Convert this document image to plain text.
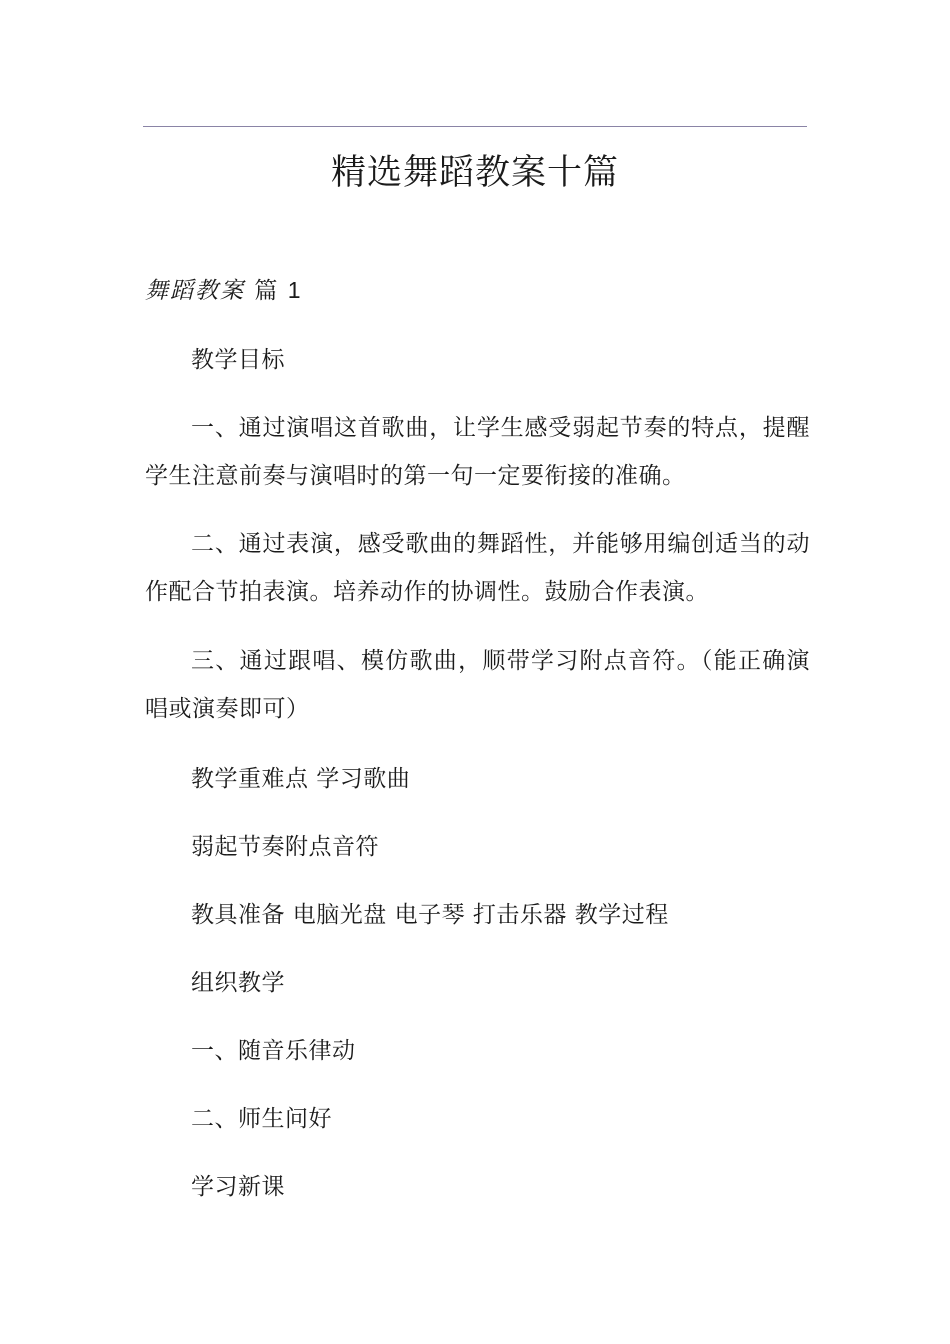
精选舞蹈教案十篇
舞蹈教案 篇 1

教学目标

一、通过演唱这首歌曲，让学生感受弱起节奏的特点，提醒学生注意前奏与演唱时的第一句一定要衔接的准确。

二、通过表演，感受歌曲的舞蹈性，并能够用编创适当的动作配合节拍表演。培养动作的协调性。鼓励合作表演。

三、通过跟唱、模仿歌曲，顺带学习附点音符。（能正确演唱或演奏即可）

教学重难点 学习歌曲

弱起节奏附点音符

教具准备 电脑光盘 电子琴 打击乐器 教学过程

组织教学

一、随音乐律动

二、师生问好

学习新课
